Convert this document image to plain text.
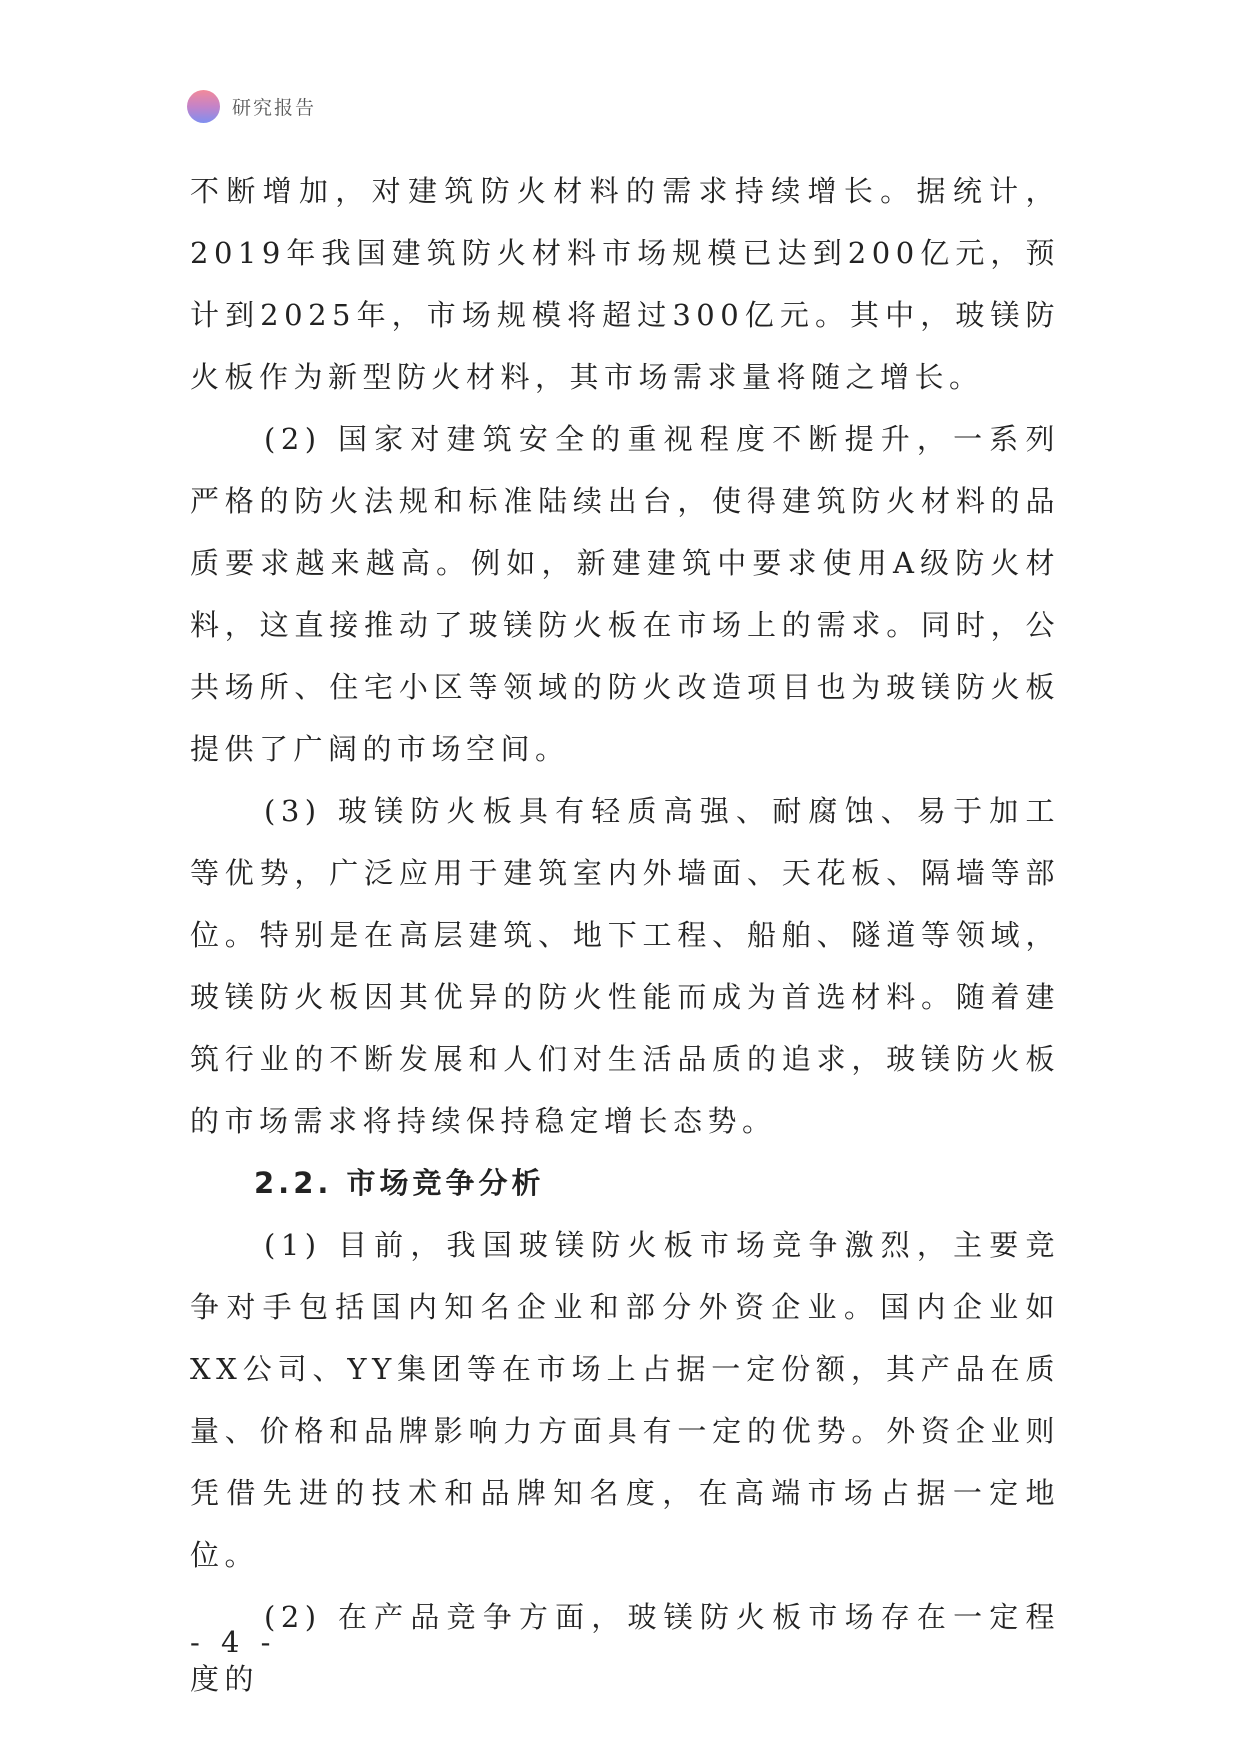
研究报告

不断增加，对建筑防火材料的需求持续增长。据统计，2019年我国建筑防火材料市场规模已达到200亿元，预计到2025年，市场规模将超过300亿元。其中，玻镁防火板作为新型防火材料，其市场需求量将随之增长。

(2) 国家对建筑安全的重视程度不断提升，一系列严格的防火法规和标准陆续出台，使得建筑防火材料的品质要求越来越高。例如，新建建筑中要求使用A级防火材料，这直接推动了玻镁防火板在市场上的需求。同时，公共场所、住宅小区等领域的防火改造项目也为玻镁防火板提供了广阔的市场空间。

(3) 玻镁防火板具有轻质高强、耐腐蚀、易于加工等优势，广泛应用于建筑室内外墙面、天花板、隔墙等部位。特别是在高层建筑、地下工程、船舶、隧道等领域，玻镁防火板因其优异的防火性能而成为首选材料。随着建筑行业的不断发展和人们对生活品质的追求，玻镁防火板的市场需求将持续保持稳定增长态势。

2.2. 市场竞争分析

(1) 目前，我国玻镁防火板市场竞争激烈，主要竞争对手包括国内知名企业和部分外资企业。国内企业如XX公司、YY集团等在市场上占据一定份额，其产品在质量、价格和品牌影响力方面具有一定的优势。外资企业则凭借先进的技术和品牌知名度，在高端市场占据一定地位。

(2) 在产品竞争方面，玻镁防火板市场存在一定程度的

- 4 -
